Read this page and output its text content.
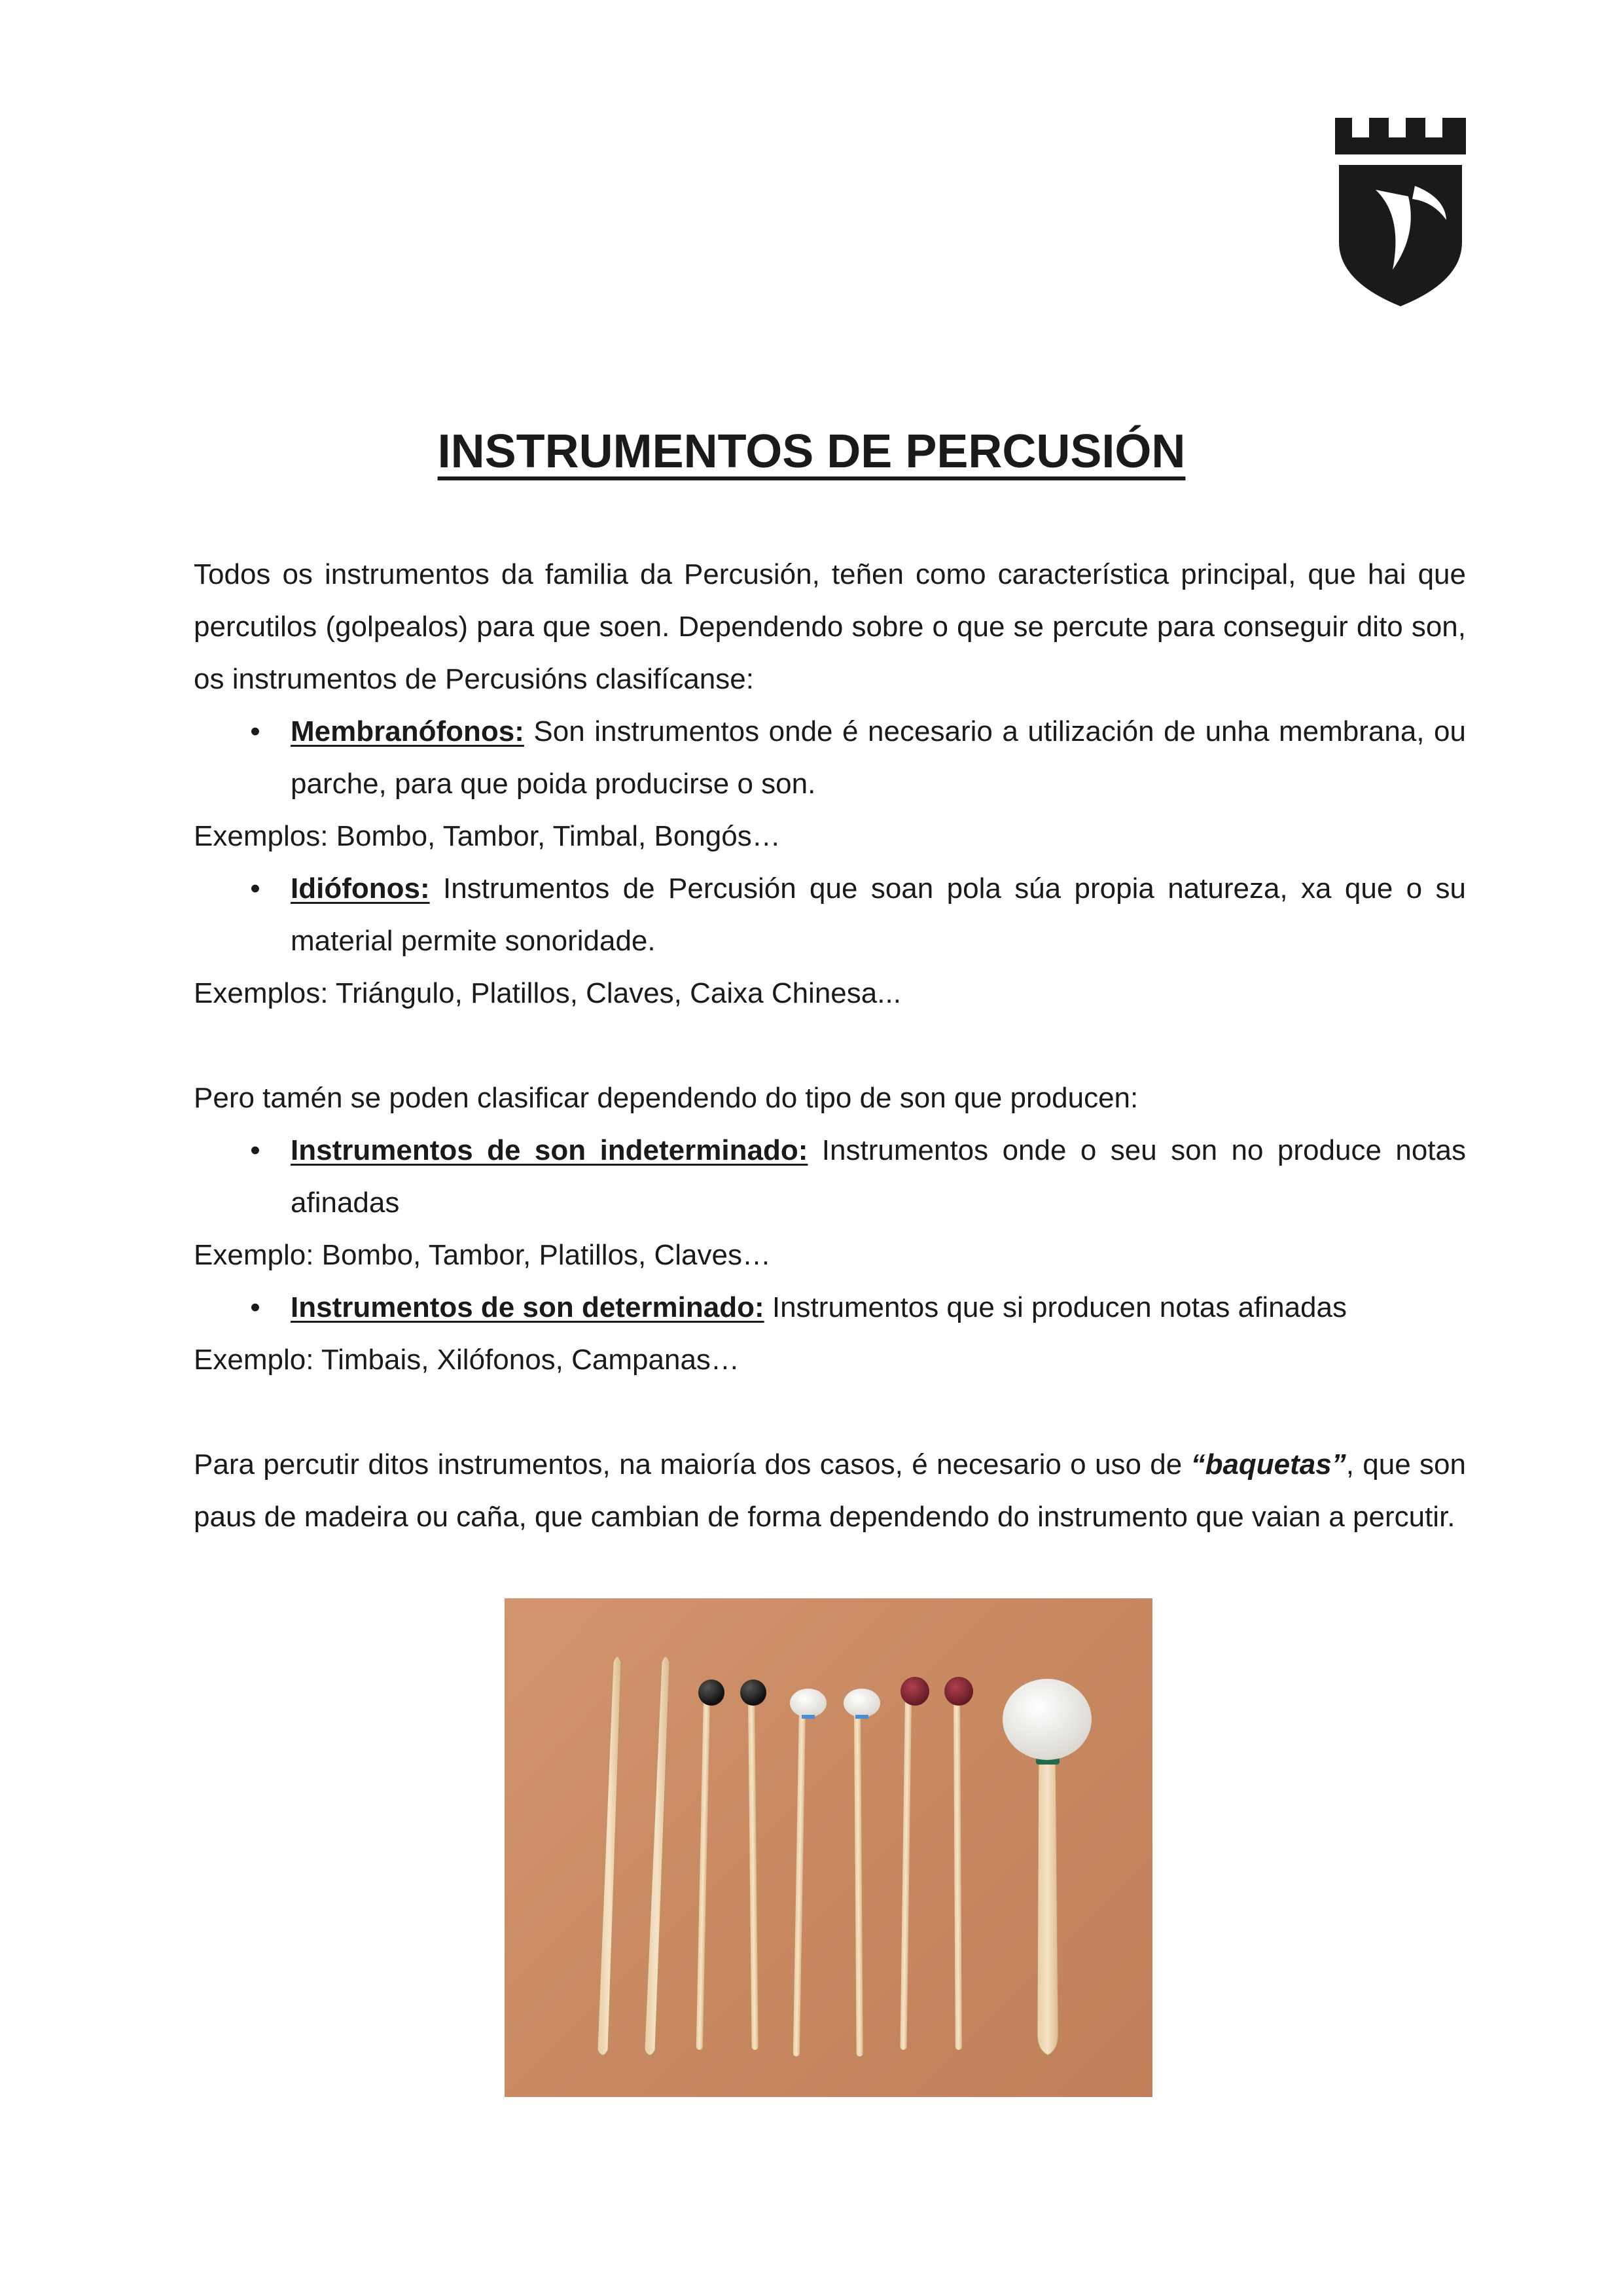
INSTRUMENTOS DE PERCUSIÓN

Todos os instrumentos da familia da Percusión, teñen como característica principal, que hai que percutilos (golpealos) para que soen. Dependendo sobre o que se percute para conseguir dito son, os instrumentos de Percusións clasifícanse:

• Membranófonos: Son instrumentos onde é necesario a utilización de unha membrana, ou parche, para que poida producirse o son.

Exemplos: Bombo, Tambor, Timbal, Bongós…

• Idiófonos: Instrumentos de Percusión que soan pola súa propia natureza, xa que o su material permite sonoridade.

Exemplos: Triángulo, Platillos, Claves, Caixa Chinesa...

Pero tamén se poden clasificar dependendo do tipo de son que producen:

• Instrumentos de son indeterminado: Instrumentos onde o seu son no produce notas afinadas

Exemplo: Bombo, Tambor, Platillos, Claves…

• Instrumentos de son determinado: Instrumentos que si producen notas afinadas

Exemplo: Timbais, Xilófonos, Campanas…

Para percutir ditos instrumentos, na maioría dos casos, é necesario o uso de “baquetas”, que son paus de madeira ou caña, que cambian de forma dependendo do instrumento que vaian a percutir.
